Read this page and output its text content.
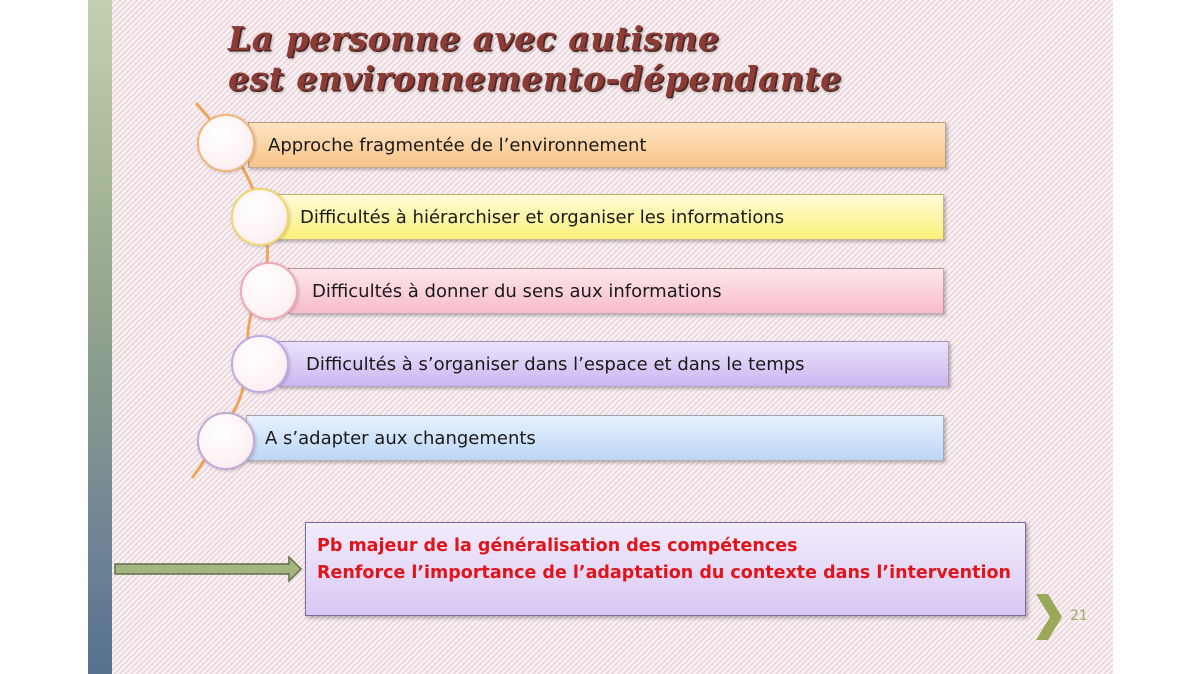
La personne avec autisme
est environnemento-dépendante
Approche fragmentée de l’environnement
Difficultés à hiérarchiser et organiser les informations
Difficultés à donner du sens aux informations
Difficultés à s’organiser dans l’espace et dans le temps
A s’adapter aux changements
Pb majeur de la généralisation des compétences
Renforce l’importance de l’adaptation du contexte dans l’intervention
21
